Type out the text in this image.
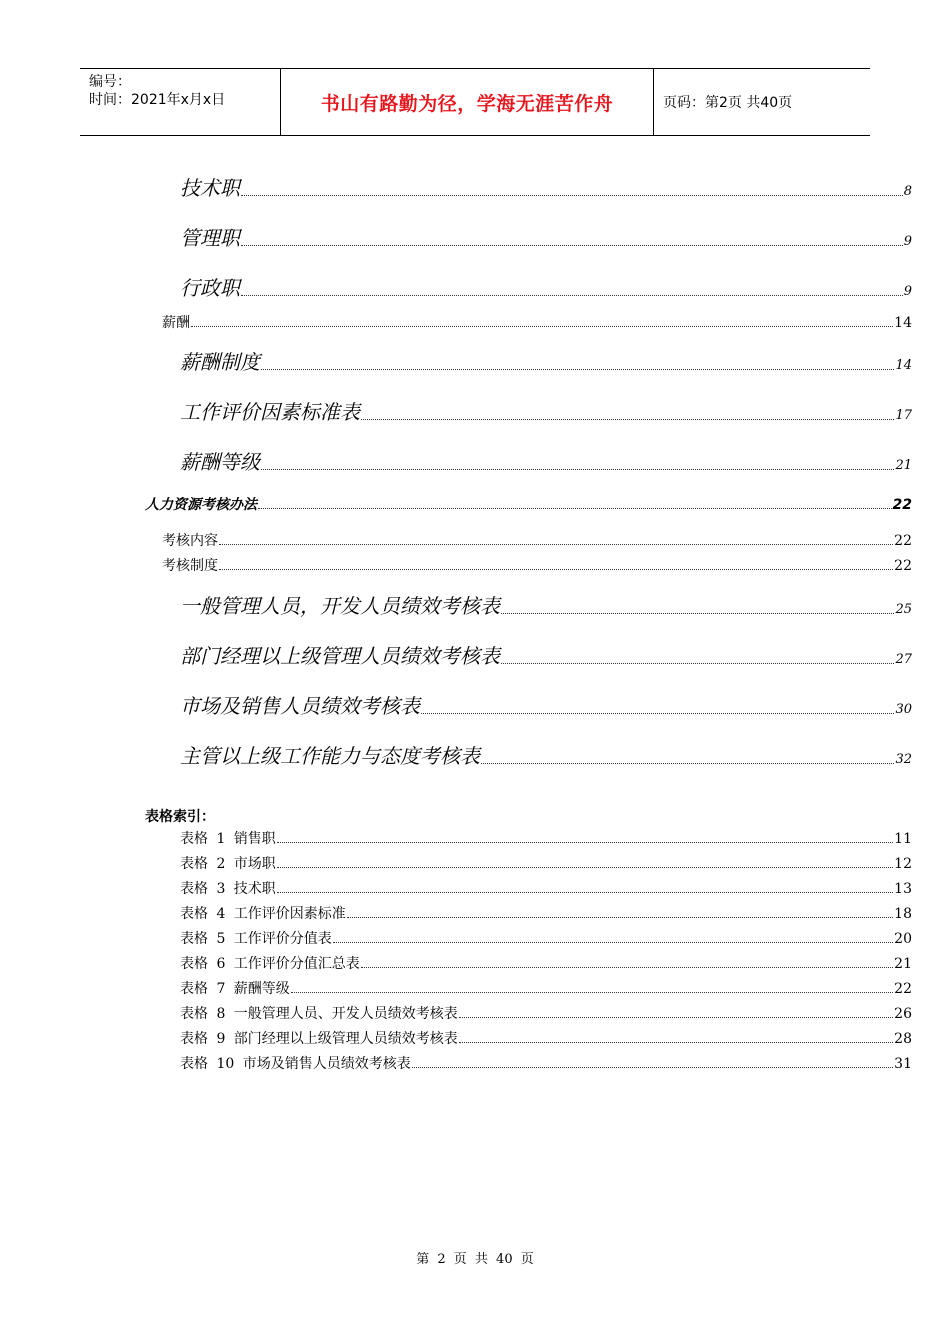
编号：
时间：2021年x月x日	书山有路勤为径，学海无涯苦作舟	页码：第2页 共40页
技术职	8
管理职	9
行政职	9
薪酬	14
薪酬制度	14
工作评价因素标准表	17
薪酬等级	21
人力资源考核办法	22
考核内容	22
考核制度	22
一般管理人员，开发人员绩效考核表	25
部门经理以上级管理人员绩效考核表	27
市场及销售人员绩效考核表	30
主管以上级工作能力与态度考核表	32
表格索引：
表格 1 销售职	11
表格 2 市场职	12
表格 3 技术职	13
表格 4 工作评价因素标准	18
表格 5 工作评价分值表	20
表格 6 工作评价分值汇总表	21
表格 7 薪酬等级	22
表格 8 一般管理人员、开发人员绩效考核表	26
表格 9 部门经理以上级管理人员绩效考核表	28
表格 10 市场及销售人员绩效考核表	31
第 2 页 共 40 页
